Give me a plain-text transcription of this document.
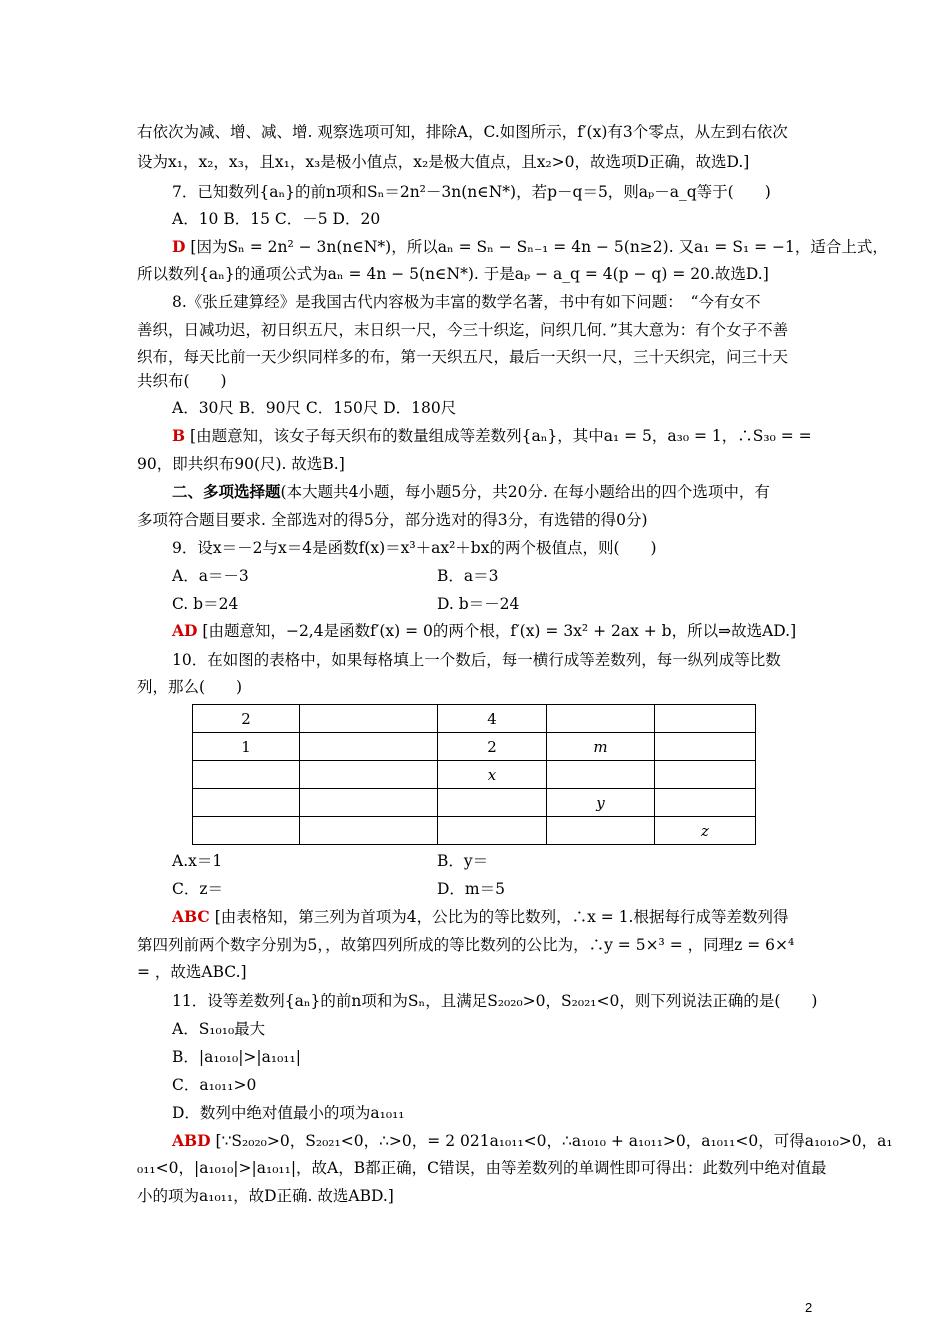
右依次为减、增、减、增. 观察选项可知，排除A，C.如图所示，f′(x)有3个零点，从左到右依次
设为x₁，x₂，x₃，且x₁，x₃是极小值点，x₂是极大值点，且x₂>0，故选项D正确，故选D.]
7．已知数列{aₙ}的前n项和Sₙ＝2n²－3n(n∈N*)，若p－q＝5，则aₚ－a_q等于(　　)
A．10 B．15 C．－5 D．20
D [因为Sₙ = 2n² − 3n(n∈N*)，所以aₙ = Sₙ − Sₙ₋₁ = 4n − 5(n≥2). 又a₁ = S₁ = −1，适合上式，
所以数列{aₙ}的通项公式为aₙ = 4n − 5(n∈N*). 于是aₚ − a_q = 4(p − q) = 20.故选D.]
8.《张丘建算经》是我国古代内容极为丰富的数学名著，书中有如下问题：　“今有女不
善织，日减功迟，初日织五尺，末日织一尺，今三十织迄，问织几何．”其大意为：有个女子不善
织布，每天比前一天少织同样多的布，第一天织五尺，最后一天织一尺，三十天织完，问三十天
共织布(　　)
A．30尺 B．90尺 C．150尺 D．180尺
B [由题意知，该女子每天织布的数量组成等差数列{aₙ}，其中a₁ = 5，a₃₀ = 1，∴S₃₀ = =
90，即共织布90(尺). 故选B.]
二、多项选择题(本大题共4小题，每小题5分，共20分. 在每小题给出的四个选项中，有
多项符合题目要求. 全部选对的得5分，部分选对的得3分，有选错的得0分)
9．设x＝－2与x＝4是函数f(x)＝x³＋ax²＋bx的两个极值点，则(　　)
A．a＝－3	B．a＝3
C. b＝24	D. b＝－24
AD [由题意知，−2,4是函数f′(x) = 0的两个根，f′(x) = 3x² + 2ax + b，所以⇒故选AD.]
10．在如图的表格中，如果每格填上一个数后，每一横行成等差数列，每一纵列成等比数
列，那么(　　)
2		4		
1		2	m	
		x		
			y	
				z
A.x＝1	B．y＝
C．z＝	D．m＝5
ABC [由表格知，第三列为首项为4，公比为的等比数列，∴x = 1.根据每行成等差数列得
第四列前两个数字分别为5，，故第四列所成的等比数列的公比为，∴y = 5×³ = ，同理z = 6×⁴
= ，故选ABC.]
11．设等差数列{aₙ}的前n项和为Sₙ，且满足S₂₀₂₀>0，S₂₀₂₁<0，则下列说法正确的是(　　)
A．S₁₀₁₀最大
B．|a₁₀₁₀|>|a₁₀₁₁|
C．a₁₀₁₁>0
D．数列中绝对值最小的项为a₁₀₁₁
ABD [∵S₂₀₂₀>0，S₂₀₂₁<0，∴>0，= 2 021a₁₀₁₁<0，∴a₁₀₁₀ + a₁₀₁₁>0，a₁₀₁₁<0，可得a₁₀₁₀>0，a₁
₀₁₁<0，|a₁₀₁₀|>|a₁₀₁₁|，故A，B都正确，C错误，由等差数列的单调性即可得出：此数列中绝对值最
小的项为a₁₀₁₁，故D正确. 故选ABD.]
2
